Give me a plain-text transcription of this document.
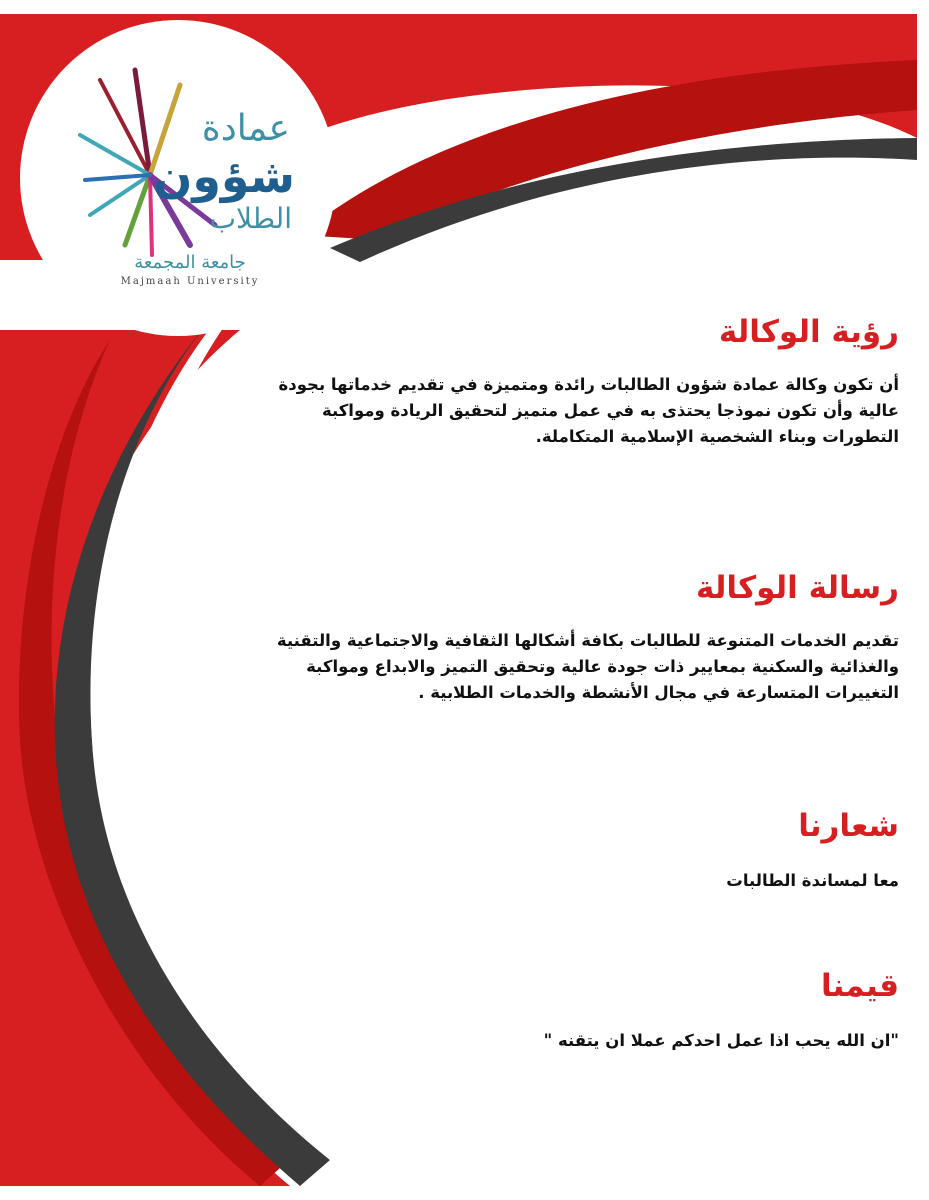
عمادة
شؤون
الطلاب
جامعة المجمعة
Majmaah University
رؤية الوكالة

أن تكون وكالة عمادة شؤون الطالبات رائدة ومتميزة في تقديم خدماتها بجودة عالية وأن تكون نموذجا يحتذى به في عمل متميز لتحقيق الريادة ومواكبة التطورات وبناء الشخصية الإسلامية المتكاملة.

رسالة الوكالة

تقديم الخدمات المتنوعة للطالبات بكافة أشكالها الثقافية والاجتماعية والتقنية والغذائية والسكنية بمعايير ذات جودة عالية وتحقيق التميز والابداع ومواكبة التغييرات المتسارعة في مجال الأنشطة والخدمات الطلابية .

شعارنا

معا لمساندة الطالبات

قيمنا

"ان الله يحب اذا عمل احدكم عملا ان يتقنه "
